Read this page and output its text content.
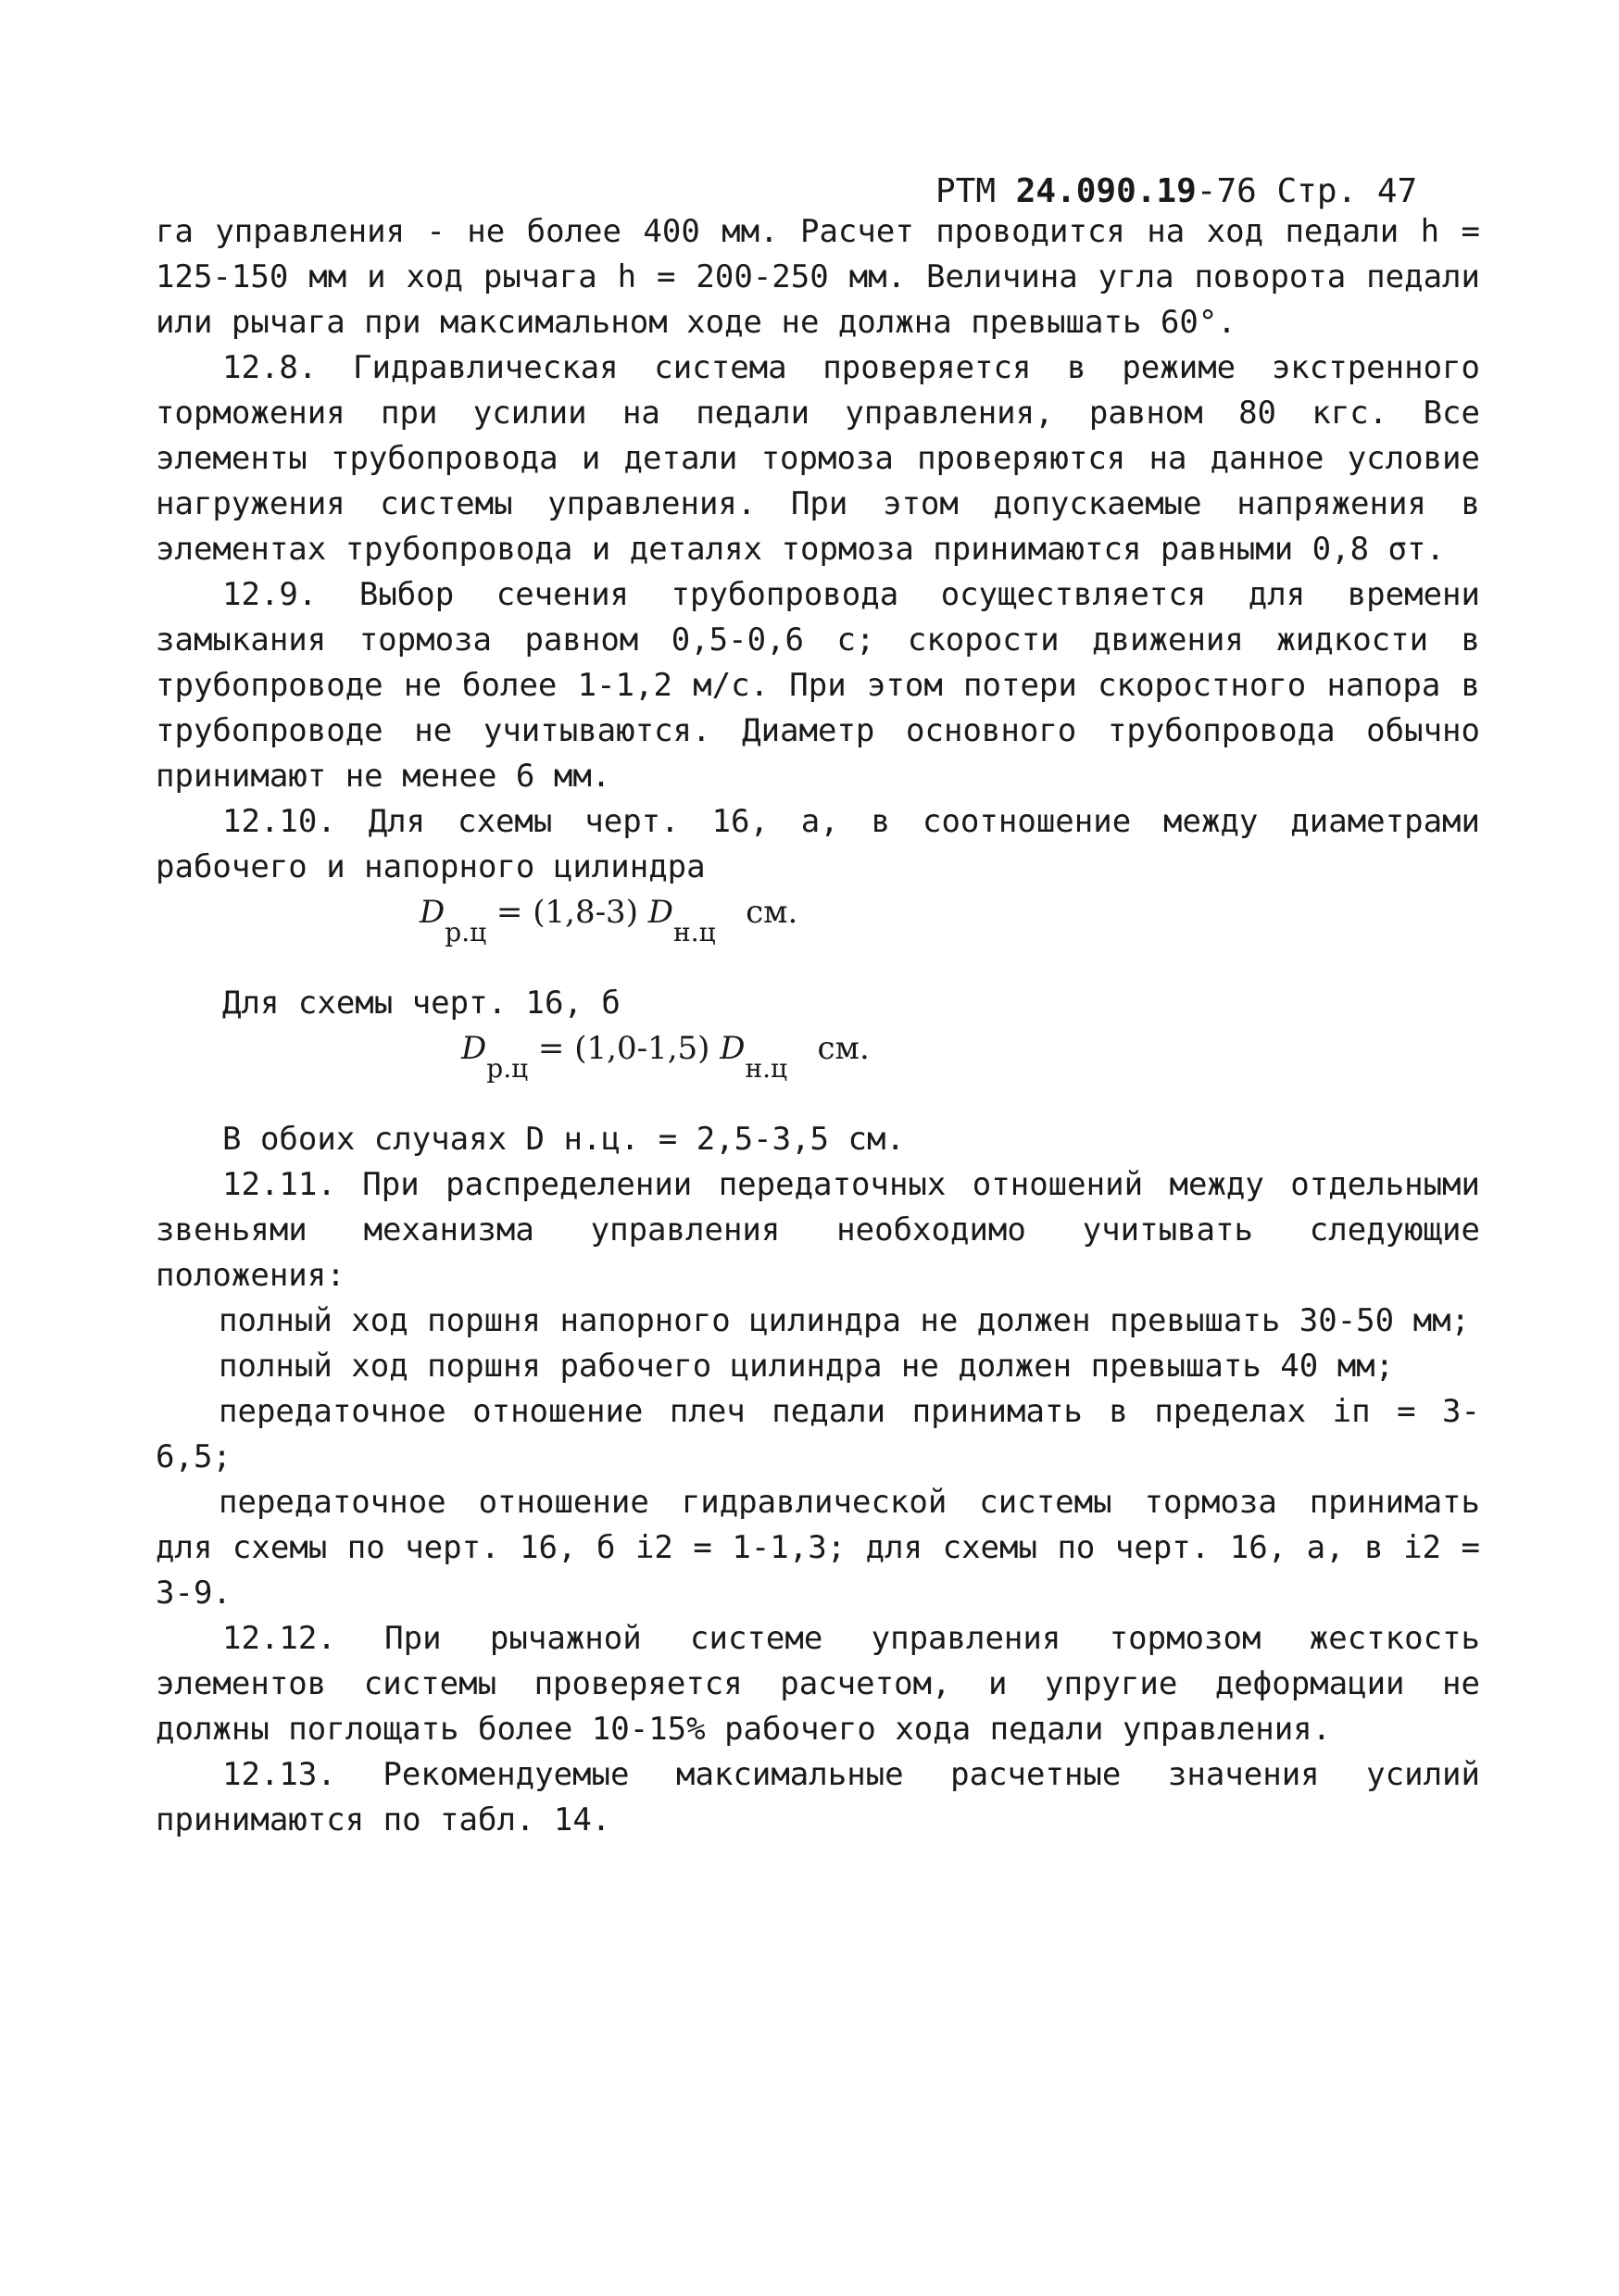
РТМ 24.090.19-76 Стр. 47
га управления - не более 400 мм. Расчет проводится на ход педали h = 125-150 мм и ход рычага h = 200-250 мм. Величина угла поворота педали или рычага при максимальном ходе не должна превышать 60°.
12.8. Гидравлическая система проверяется в режиме экстренного торможения при усилии на педали управления, равном 80 кгс. Все элементы трубопровода и детали тормоза проверяются на данное условие нагружения системы управления. При этом допускаемые напряжения в элементах трубопровода и деталях тормоза принимаются равными 0,8 σт.
12.9. Выбор сечения трубопровода осуществляется для времени замыкания тормоза равном 0,5-0,6 с; скорости движения жидкости в трубопроводе не более 1-1,2 м/с. При этом потери скоростного напора в трубопроводе не учитываются. Диаметр основного трубопровода обычно принимают не менее 6 мм.
12.10. Для схемы черт. 16, а, в соотношение между диаметрами рабочего и напорного цилиндра
$D_{р.ц} = (1,8-3)$ $D_{н.ц}$   см.
Для схемы черт. 16, б
$D_{р.ц} = (1,0-1,5)$ $D_{н.ц}$   см.
В обоих случаях D н.ц. = 2,5-3,5 см.
12.11. При распределении передаточных отношений между отдельными звеньями механизма управления необходимо учитывать следующие положения:
полный ход поршня напорного цилиндра не должен превышать 30-50 мм;
полный ход поршня рабочего цилиндра не должен превышать 40 мм;
передаточное отношение плеч педали принимать в пределах iп = 3-6,5;
передаточное отношение гидравлической системы тормоза принимать для схемы по черт. 16, б i2 = 1-1,3; для схемы по черт. 16, а, в i2 = 3-9.
12.12. При рычажной системе управления тормозом жесткость элементов системы проверяется расчетом, и упругие деформации не должны поглощать более 10-15% рабочего хода педали управления.
12.13. Рекомендуемые максимальные расчетные значения усилий принимаются по табл. 14.
